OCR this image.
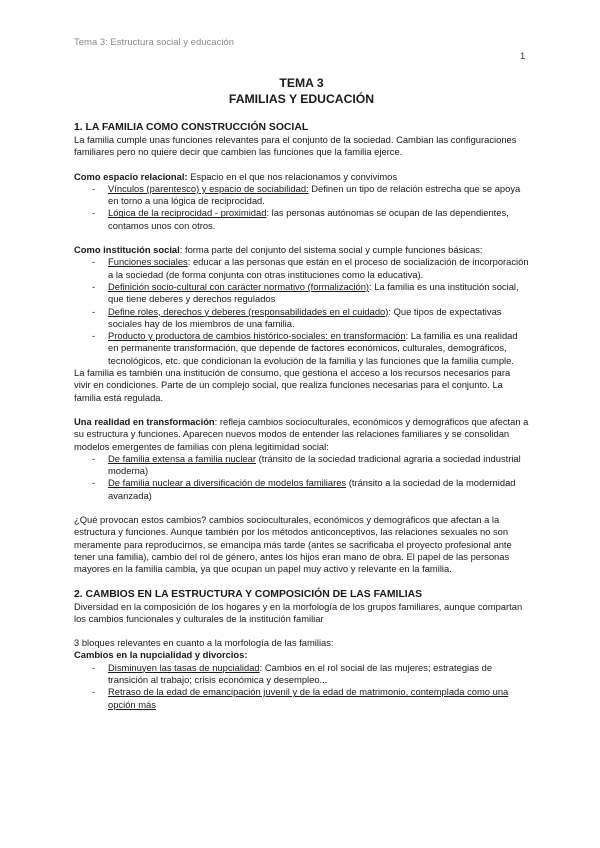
Tema 3: Estructura social y educación
1

TEMA 3

FAMILIAS Y EDUCACIÓN

1. LA FAMILIA COMO CONSTRUCCIÓN SOCIAL

La familia cumple unas funciones relevantes para el conjunto de la sociedad. Cambian las configuraciones familiares pero no quiere decir que cambien las funciones que la familia ejerce.

Como espacio relacional: Espacio en el que nos relacionamos y convivimos

- Vínculos (parentesco) y espacio de sociabilidad: Definen un tipo de relación estrecha que se apoya en torno a una lógica de reciprocidad.
- Lógica de la reciprocidad - proximidad: las personas autónomas se ocupan de las dependientes, contamos unos con otros.

Como institución social: forma parte del conjunto del sistema social y cumple funciones básicas:

- Funciones sociales: educar a las personas que están en el proceso de socialización de incorporación a la sociedad (de forma conjunta con otras instituciones como la educativa).
- Definición socio-cultural con carácter normativo (formalización): La familia es una institución social, que tiene deberes y derechos regulados
- Define roles, derechos y deberes (responsabilidades en el cuidado): Que tipos de expectativas sociales hay de los miembros de una familia.
- Producto y productora de cambios histórico-sociales: en transformación: La familia es una realidad en permanente transformación, que depende de factores económicos, culturales, demográficos, tecnológicos, etc. que condicionan la evolución de la familia y las funciones que la familia cumple.

La familia es también una institución de consumo, que gestiona el acceso a los recursos necesarios para vivir en condiciones. Parte de un complejo social, que realiza funciones necesarias para el conjunto. La familia está regulada.

Una realidad en transformación: refleja cambios socioculturales, económicos y demográficos que afectan a su estructura y funciones. Aparecen nuevos modos de entender las relaciones familiares y se consolidan modelos emergentes de familias con plena legitimidad social:

- De familia extensa a familia nuclear (tránsito de la sociedad tradicional agraria a sociedad industrial moderna)
- De familia nuclear a diversificación de modelos familiares (tránsito a la sociedad de la modernidad avanzada)

¿Qué provocan estos cambios? cambios socioculturales, económicos y demográficos que afectan a la estructura y funciones. Aunque también por los métodos anticonceptivos, las relaciones sexuales no son meramente para reproducirnos, se emancipa más tarde (antes se sacrificaba el proyecto profesional ante tener una familia), cambio del rol de género, antes los hijos eran mano de obra. El papel de las personas mayores en la familia cambia, ya que ocupan un papel muy activo y relevante en la familia.

2. CAMBIOS EN LA ESTRUCTURA Y COMPOSICIÓN DE LAS FAMILIAS

Diversidad en la composición de los hogares y en la morfología de los grupos familiares, aunque compartan los cambios funcionales y culturales de la institución familiar

3 bloques relevantes en cuanto a la morfología de las familias:

Cambios en la nupcialidad y divorcios:

- Disminuyen las tasas de nupcialidad: Cambios en el rol social de las mujeres; estrategias de transición al trabajo; crisis económica y desempleo...
- Retraso de la edad de emancipación juvenil y de la edad de matrimonio, contemplada como una opción más
